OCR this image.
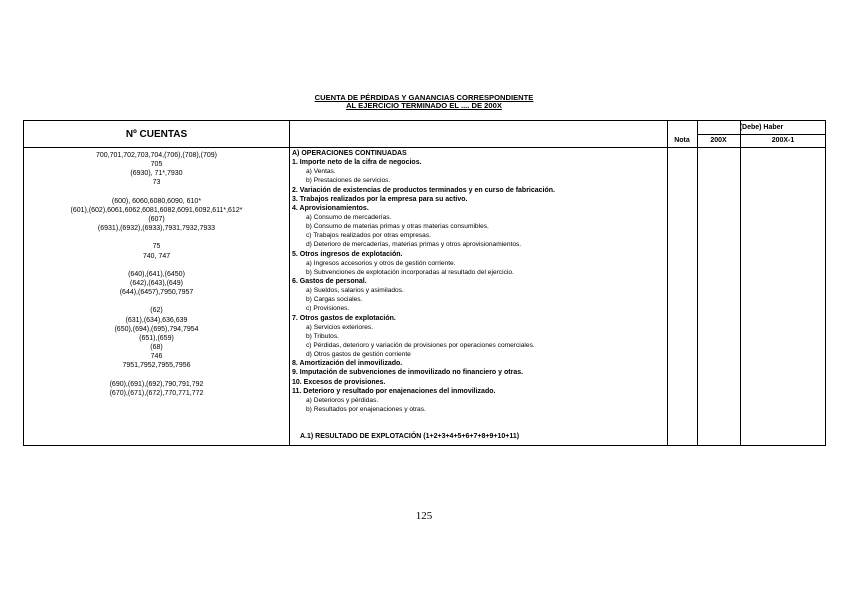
CUENTA DE PÉRDIDAS Y GANANCIAS CORRESPONDIENTE
AL EJERCICIO TERMINADO EL .... DE 200X
Nº CUENTAS
(Debe) Haber
Nota	200X	200X-1
700,701,702,703,704,(706),(708),(709)
705
(6930), 71*,7930
73
(600), 6060,6080,6090, 610*
(601),(602),6061,6062,6081,6082,6091,6092,611*,612*
(607)
(6931),(6932),(6933),7931,7932,7933
75
740, 747
(640),(641),(6450)
(642),(643),(649)
(644),(6457),7950,7957
(62)
(631),(634),636,639
(650),(694),(695),794,7954
(651),(659)
(68)
746
7951,7952,7955,7956
(690),(691),(692),790,791,792
(670),(671),(672),770,771,772
A) OPERACIONES CONTINUADAS
1. Importe neto de la cifra de negocios.
a) Ventas.
b) Prestaciones de servicios.
2. Variación de existencias de productos terminados y en curso de fabricación.
3. Trabajos realizados por la empresa para su activo.
4. Aprovisionamientos.
a) Consumo de mercaderías.
b) Consumo de materias primas y otras materias consumibles.
c) Trabajos realizados por otras empresas.
d) Deterioro de mercaderías, materias primas y otros aprovisionamientos.
5. Otros ingresos de explotación.
a) Ingresos accesorios y otros de gestión corriente.
b) Subvenciones de explotación incorporadas al resultado del ejercicio.
6. Gastos de personal.
a) Sueldos, salarios y asimilados.
b) Cargas sociales.
c) Provisiones.
7. Otros gastos de explotación.
a) Servicios exteriores.
b) Tributos.
c) Pérdidas, deterioro y variación de provisiones por operaciones comerciales.
d) Otros gastos de gestión corriente
8. Amortización del inmovilizado.
9. Imputación de subvenciones de inmovilizado no financiero y otras.
10. Excesos de provisiones.
11. Deterioro y resultado por enajenaciones del inmovilizado.
a) Deterioros y pérdidas.
b) Resultados por enajenaciones y otras.
A.1) RESULTADO DE EXPLOTACIÓN (1+2+3+4+5+6+7+8+9+10+11)
125
